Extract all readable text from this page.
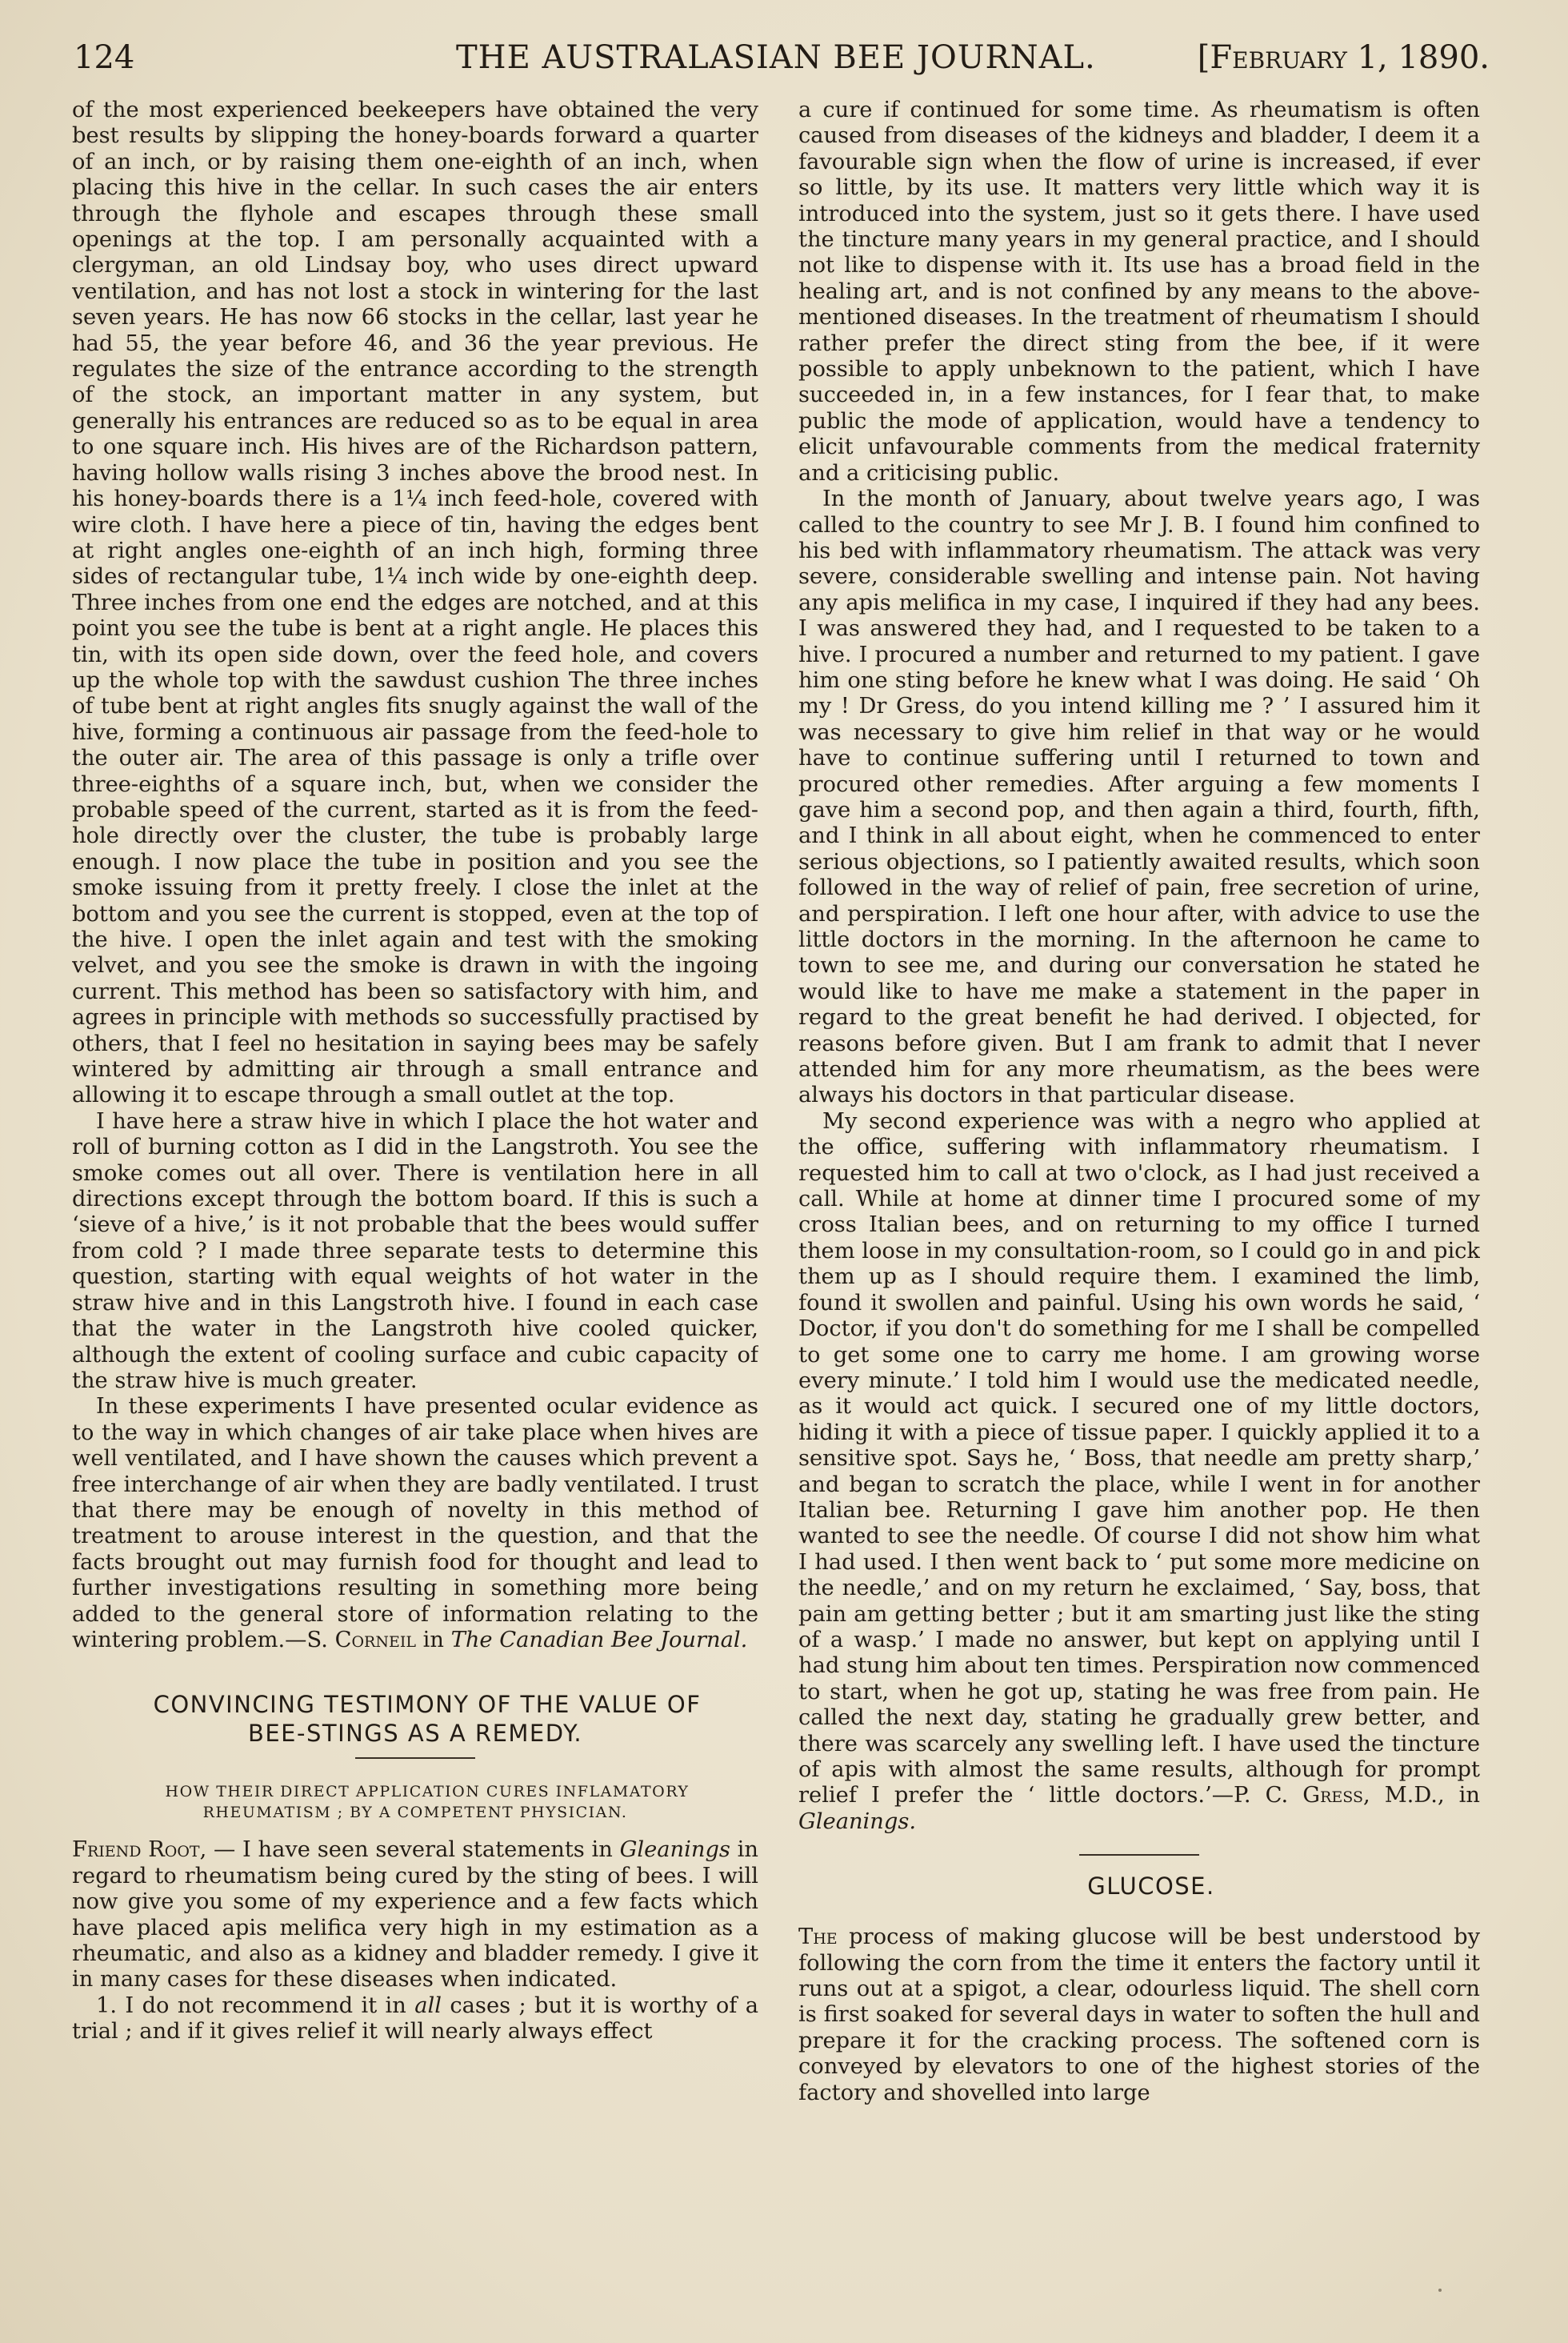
124	THE AUSTRALASIAN BEE JOURNAL.	[February 1, 1890.

of the most experienced beekeepers have obtained the very best results by slipping the honey-boards forward a quarter of an inch, or by raising them one-eighth of an inch, when placing this hive in the cellar. In such cases the air enters through the flyhole and escapes through these small openings at the top. I am personally acquainted with a clergyman, an old Lindsay boy, who uses direct upward ventilation, and has not lost a stock in wintering for the last seven years. He has now 66 stocks in the cellar, last year he had 55, the year before 46, and 36 the year previous. He regulates the size of the entrance according to the strength of the stock, an important matter in any system, but generally his entrances are reduced so as to be equal in area to one square inch. His hives are of the Richardson pattern, having hollow walls rising 3 inches above the brood nest. In his honey-boards there is a 1¼ inch feed-hole, covered with wire cloth. I have here a piece of tin, having the edges bent at right angles one-eighth of an inch high, forming three sides of rectangular tube, 1¼ inch wide by one-eighth deep. Three inches from one end the edges are notched, and at this point you see the tube is bent at a right angle. He places this tin, with its open side down, over the feed hole, and covers up the whole top with the sawdust cushion The three inches of tube bent at right angles fits snugly against the wall of the hive, forming a continuous air passage from the feed-hole to the outer air. The area of this passage is only a trifle over three-eighths of a square inch, but, when we consider the probable speed of the current, started as it is from the feed-hole directly over the cluster, the tube is probably large enough. I now place the tube in position and you see the smoke issuing from it pretty freely. I close the inlet at the bottom and you see the current is stopped, even at the top of the hive. I open the inlet again and test with the smoking velvet, and you see the smoke is drawn in with the ingoing current. This method has been so satisfactory with him, and agrees in principle with methods so successfully practised by others, that I feel no hesitation in saying bees may be safely wintered by admitting air through a small entrance and allowing it to escape through a small outlet at the top.

I have here a straw hive in which I place the hot water and roll of burning cotton as I did in the Langstroth. You see the smoke comes out all over. There is ventilation here in all directions except through the bottom board. If this is such a ‘sieve of a hive,’ is it not probable that the bees would suffer from cold ? I made three separate tests to determine this question, starting with equal weights of hot water in the straw hive and in this Langstroth hive. I found in each case that the water in the Langstroth hive cooled quicker, although the extent of cooling surface and cubic capacity of the straw hive is much greater.

In these experiments I have presented ocular evidence as to the way in which changes of air take place when hives are well ventilated, and I have shown the causes which prevent a free interchange of air when they are badly ventilated. I trust that there may be enough of novelty in this method of treatment to arouse interest in the question, and that the facts brought out may furnish food for thought and lead to further investigations resulting in something more being added to the general store of information relating to the wintering problem.—S. Corneil in The Canadian Bee Journal.

CONVINCING TESTIMONY OF THE VALUE OF BEE-STINGS AS A REMEDY.

HOW THEIR DIRECT APPLICATION CURES INFLAMATORY RHEUMATISM ; BY A COMPETENT PHYSICIAN.

Friend Root, — I have seen several statements in Gleanings in regard to rheumatism being cured by the sting of bees. I will now give you some of my experience and a few facts which have placed apis melifica very high in my estimation as a rheumatic, and also as a kidney and bladder remedy. I give it in many cases for these diseases when indicated.

1. I do not recommend it in all cases ; but it is worthy of a trial ; and if it gives relief it will nearly always effect

a cure if continued for some time. As rheumatism is often caused from diseases of the kidneys and bladder, I deem it a favourable sign when the flow of urine is increased, if ever so little, by its use. It matters very little which way it is introduced into the system, just so it gets there. I have used the tincture many years in my general practice, and I should not like to dispense with it. Its use has a broad field in the healing art, and is not confined by any means to the above-mentioned diseases. In the treatment of rheumatism I should rather prefer the direct sting from the bee, if it were possible to apply unbeknown to the patient, which I have succeeded in, in a few instances, for I fear that, to make public the mode of application, would have a tendency to elicit unfavourable comments from the medical fraternity and a criticising public.

In the month of January, about twelve years ago, I was called to the country to see Mr J. B. I found him confined to his bed with inflammatory rheumatism. The attack was very severe, considerable swelling and intense pain. Not having any apis melifica in my case, I inquired if they had any bees. I was answered they had, and I requested to be taken to a hive. I procured a number and returned to my patient. I gave him one sting before he knew what I was doing. He said ‘ Oh my ! Dr Gress, do you intend killing me ? ’ I assured him it was necessary to give him relief in that way or he would have to continue suffering until I returned to town and procured other remedies. After arguing a few moments I gave him a second pop, and then again a third, fourth, fifth, and I think in all about eight, when he commenced to enter serious objections, so I patiently awaited results, which soon followed in the way of relief of pain, free secretion of urine, and perspiration. I left one hour after, with advice to use the little doctors in the morning. In the afternoon he came to town to see me, and during our conversation he stated he would like to have me make a statement in the paper in regard to the great benefit he had derived. I objected, for reasons before given. But I am frank to admit that I never attended him for any more rheumatism, as the bees were always his doctors in that particular disease.

My second experience was with a negro who applied at the office, suffering with inflammatory rheumatism. I requested him to call at two o'clock, as I had just received a call. While at home at dinner time I procured some of my cross Italian bees, and on returning to my office I turned them loose in my consultation-room, so I could go in and pick them up as I should require them. I examined the limb, found it swollen and painful. Using his own words he said, ‘ Doctor, if you don't do something for me I shall be compelled to get some one to carry me home. I am growing worse every minute.’ I told him I would use the medicated needle, as it would act quick. I secured one of my little doctors, hiding it with a piece of tissue paper. I quickly applied it to a sensitive spot. Says he, ‘ Boss, that needle am pretty sharp,’ and began to scratch the place, while I went in for another Italian bee. Returning I gave him another pop. He then wanted to see the needle. Of course I did not show him what I had used. I then went back to ‘ put some more medicine on the needle,’ and on my return he exclaimed, ‘ Say, boss, that pain am getting better ; but it am smarting just like the sting of a wasp.’ I made no answer, but kept on applying until I had stung him about ten times. Perspiration now commenced to start, when he got up, stating he was free from pain. He called the next day, stating he gradually grew better, and there was scarcely any swelling left. I have used the tincture of apis with almost the same results, although for prompt relief I prefer the ‘ little doctors.’—P. C. Gress, M.D., in Gleanings.

GLUCOSE.

The process of making glucose will be best understood by following the corn from the time it enters the factory until it runs out at a spigot, a clear, odourless liquid. The shell corn is first soaked for several days in water to soften the hull and prepare it for the cracking process. The softened corn is conveyed by elevators to one of the highest stories of the factory and shovelled into large
